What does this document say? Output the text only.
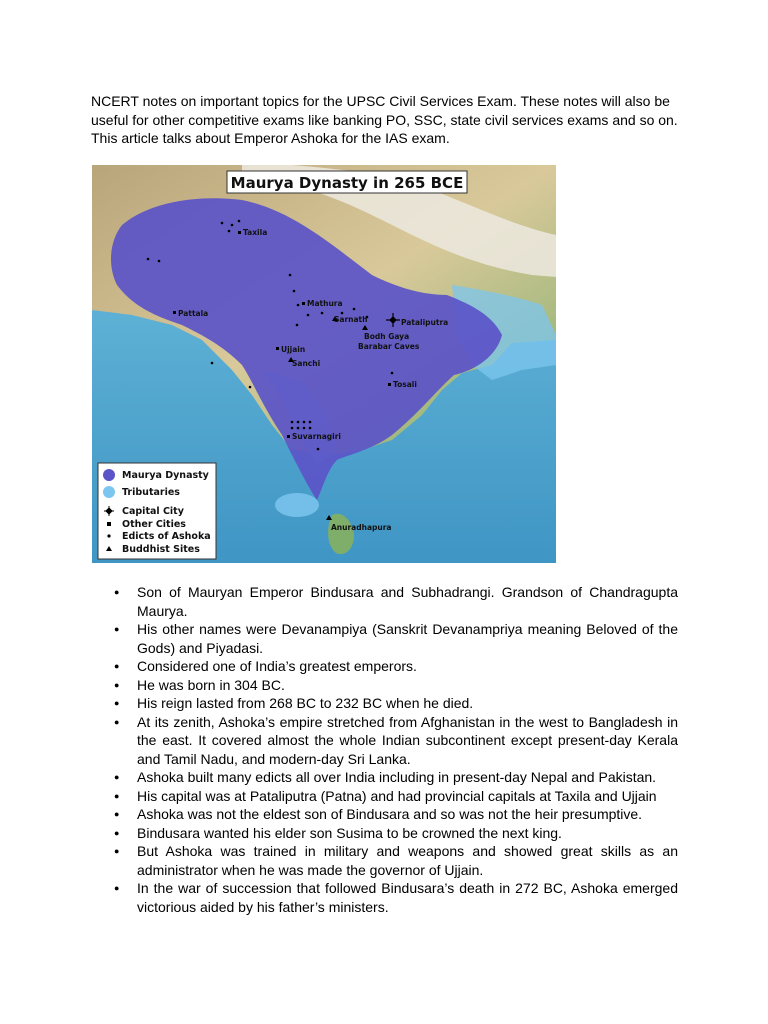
NCERT notes on important topics for the UPSC Civil Services Exam. These notes will also be useful for other competitive exams like banking PO, SSC, state civil services exams and so on. This article talks about Emperor Ashoka for the IAS exam.

Maurya Dynasty in 265 BCE
Taxila
Pattala
Mathura
Sarnath	Pataliputra
Bodh Gaya
Barabar Caves
Ujjain
Sanchi
Tosali
Suvarnagiri
Anuradhapura
Maurya Dynasty
Tributaries
Capital City
Other Cities
Edicts of Ashoka
Buddhist Sites
● Son of Mauryan Emperor Bindusara and Subhadrangi. Grandson of Chandragupta Maurya.
● His other names were Devanampiya (Sanskrit Devanampriya meaning Beloved of the Gods) and Piyadasi.
● Considered one of India’s greatest emperors.
● He was born in 304 BC.
● His reign lasted from 268 BC to 232 BC when he died.
● At its zenith, Ashoka’s empire stretched from Afghanistan in the west to Bangladesh in the east. It covered almost the whole Indian subcontinent except present-day Kerala and Tamil Nadu, and modern-day Sri Lanka.
● Ashoka built many edicts all over India including in present-day Nepal and Pakistan.
● His capital was at Pataliputra (Patna) and had provincial capitals at Taxila and Ujjain
● Ashoka was not the eldest son of Bindusara and so was not the heir presumptive.
● Bindusara wanted his elder son Susima to be crowned the next king.
● But Ashoka was trained in military and weapons and showed great skills as an administrator when he was made the governor of Ujjain.
● In the war of succession that followed Bindusara’s death in 272 BC, Ashoka emerged victorious aided by his father’s ministers.
